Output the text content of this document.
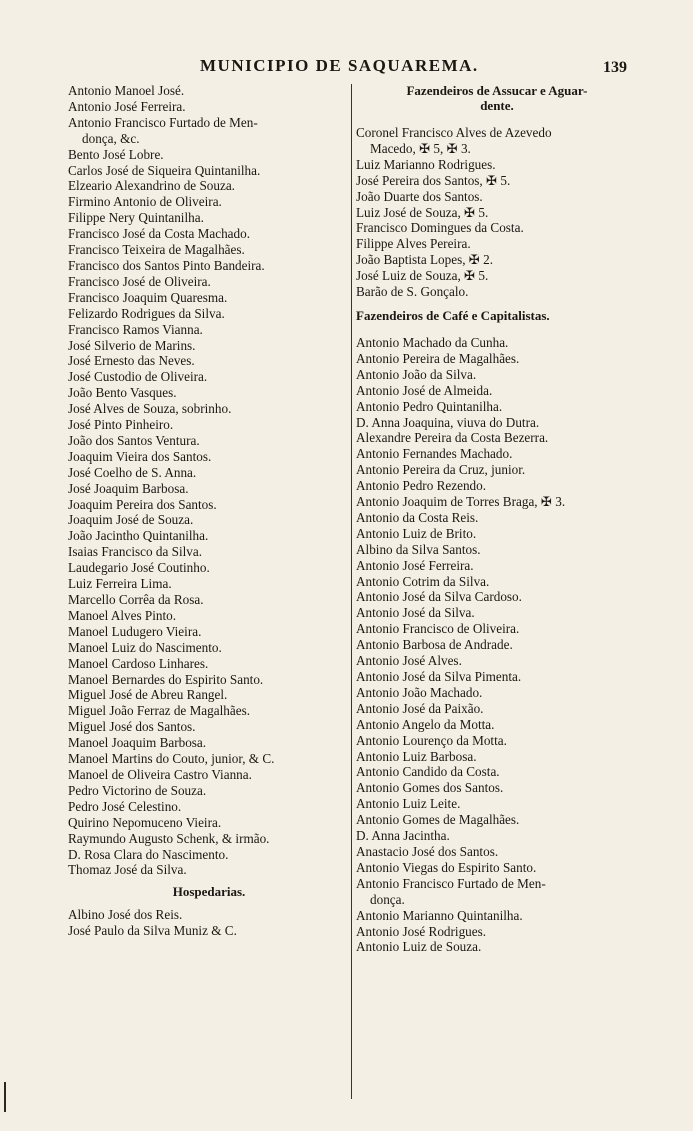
MUNICIPIO DE SAQUAREMA.	139
Antonio Manoel José.
Antonio José Ferreira.
Antonio Francisco Furtado de Men-
donça, &c.
Bento José Lobre.
Carlos José de Siqueira Quintanilha.
Elzeario Alexandrino de Souza.
Firmino Antonio de Oliveira.
Filippe Nery Quintanilha.
Francisco José da Costa Machado.
Francisco Teixeira de Magalhães.
Francisco dos Santos Pinto Bandeira.
Francisco José de Oliveira.
Francisco Joaquim Quaresma.
Felizardo Rodrigues da Silva.
Francisco Ramos Vianna.
José Silverio de Marins.
José Ernesto das Neves.
José Custodio de Oliveira.
João Bento Vasques.
José Alves de Souza, sobrinho.
José Pinto Pinheiro.
João dos Santos Ventura.
Joaquim Vieira dos Santos.
José Coelho de S. Anna.
José Joaquim Barbosa.
Joaquim Pereira dos Santos.
Joaquim José de Souza.
João Jacintho Quintanilha.
Isaias Francisco da Silva.
Laudegario José Coutinho.
Luiz Ferreira Lima.
Marcello Corrêa da Rosa.
Manoel Alves Pinto.
Manoel Ludugero Vieira.
Manoel Luiz do Nascimento.
Manoel Cardoso Linhares.
Manoel Bernardes do Espirito Santo.
Miguel José de Abreu Rangel.
Miguel João Ferraz de Magalhães.
Miguel José dos Santos.
Manoel Joaquim Barbosa.
Manoel Martins do Couto, junior, & C.
Manoel de Oliveira Castro Vianna.
Pedro Victorino de Souza.
Pedro José Celestino.
Quirino Nepomuceno Vieira.
Raymundo Augusto Schenk, & irmão.
D. Rosa Clara do Nascimento.
Thomaz José da Silva.
Hospedarias.
Albino José dos Reis.
José Paulo da Silva Muniz & C.
Fazendeiros de Assucar e Aguar-
dente.
Coronel Francisco Alves de Azevedo
Macedo, ✠ 5, ✠ 3.
Luiz Marianno Rodrigues.
José Pereira dos Santos, ✠ 5.
João Duarte dos Santos.
Luiz José de Souza, ✠ 5.
Francisco Domingues da Costa.
Filippe Alves Pereira.
João Baptista Lopes, ✠ 2.
José Luiz de Souza, ✠ 5.
Barão de S. Gonçalo.
Fazendeiros de Café e Capitalistas.
Antonio Machado da Cunha.
Antonio Pereira de Magalhães.
Antonio João da Silva.
Antonio José de Almeida.
Antonio Pedro Quintanilha.
D. Anna Joaquina, viuva do Dutra.
Alexandre Pereira da Costa Bezerra.
Antonio Fernandes Machado.
Antonio Pereira da Cruz, junior.
Antonio Pedro Rezendo.
Antonio Joaquim de Torres Braga, ✠ 3.
Antonio da Costa Reis.
Antonio Luiz de Brito.
Albino da Silva Santos.
Antonio José Ferreira.
Antonio Cotrim da Silva.
Antonio José da Silva Cardoso.
Antonio José da Silva.
Antonio Francisco de Oliveira.
Antonio Barbosa de Andrade.
Antonio José Alves.
Antonio José da Silva Pimenta.
Antonio João Machado.
Antonio José da Paixão.
Antonio Angelo da Motta.
Antonio Lourenço da Motta.
Antonio Luiz Barbosa.
Antonio Candido da Costa.
Antonio Gomes dos Santos.
Antonio Luiz Leite.
Antonio Gomes de Magalhães.
D. Anna Jacintha.
Anastacio José dos Santos.
Antonio Viegas do Espirito Santo.
Antonio Francisco Furtado de Men-
donça.
Antonio Marianno Quintanilha.
Antonio José Rodrigues.
Antonio Luiz de Souza.
